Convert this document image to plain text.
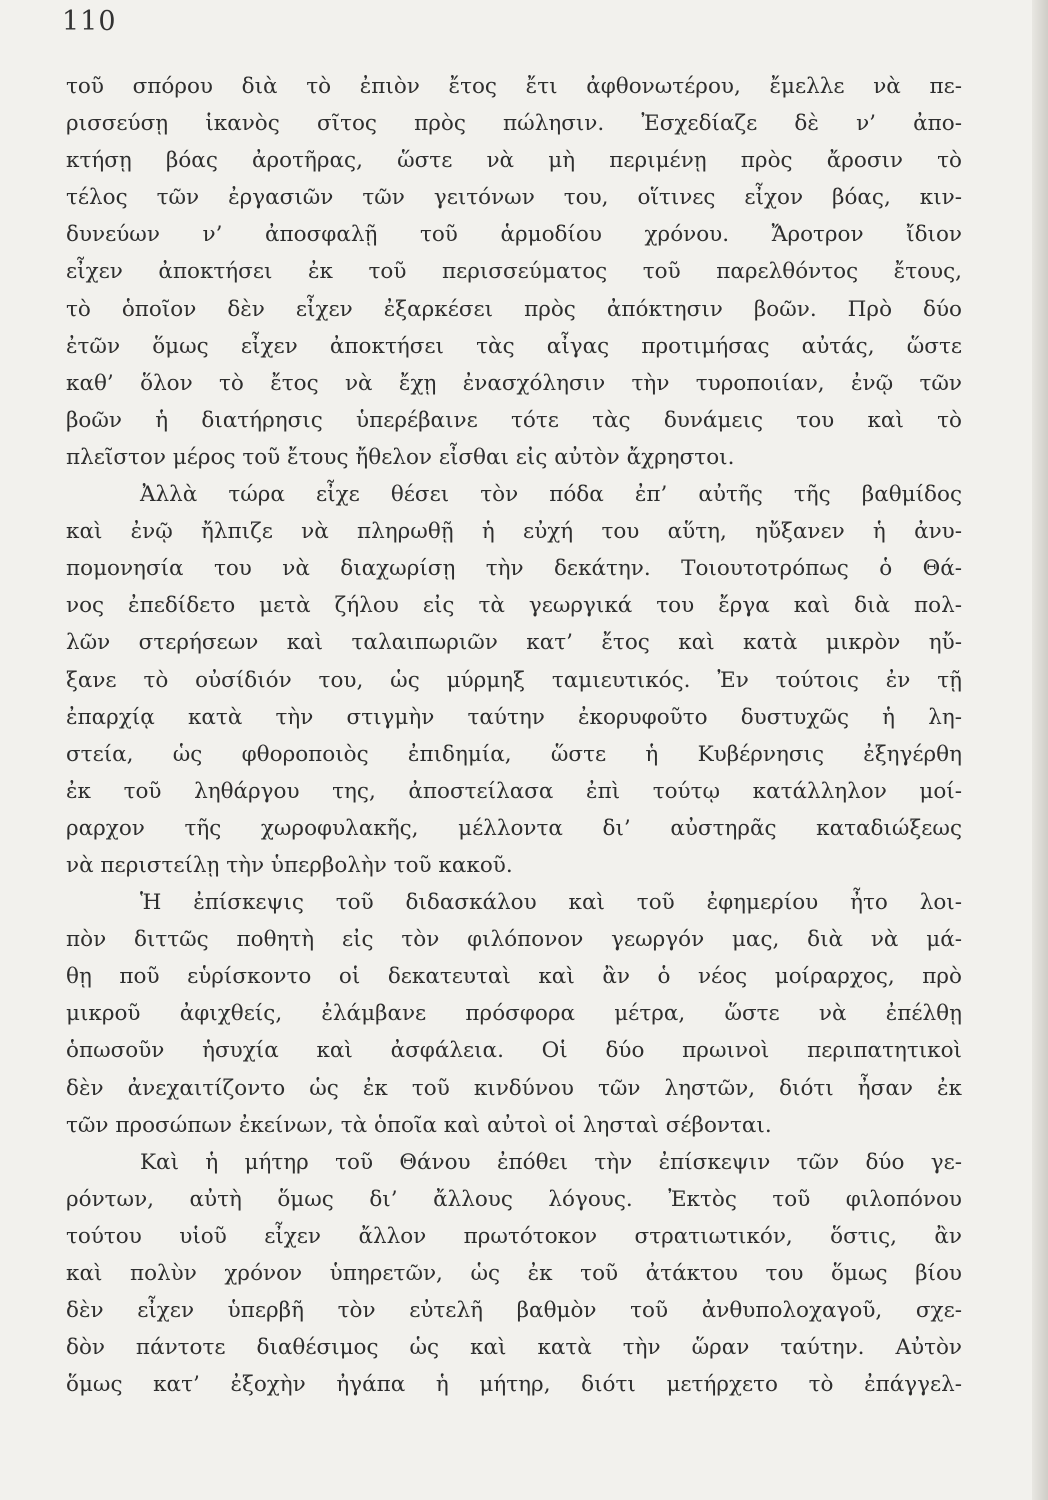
110
τοῦ σπόρου διὰ τὸ ἐπιὸν ἔτος ἔτι ἀφθονωτέρου, ἔμελλε νὰ πε-
ρισσεύσῃ ἱκανὸς σῖτος πρὸς πώλησιν. Ἐσχεδίαζε δὲ ν’ ἀπο-
κτήσῃ βόας ἀροτῆρας, ὥστε νὰ μὴ περιμένῃ πρὸς ἄροσιν τὸ
τέλος τῶν ἐργασιῶν τῶν γειτόνων του, οἵτινες εἶχον βόας, κιν-
δυνεύων ν’ ἀποσφαλῇ τοῦ ἁρμοδίου χρόνου. Ἄροτρον ἴδιον
εἶχεν ἀποκτήσει ἐκ τοῦ περισσεύματος τοῦ παρελθόντος ἔτους,
τὸ ὁποῖον δὲν εἶχεν ἐξαρκέσει πρὸς ἀπόκτησιν βοῶν. Πρὸ δύο
ἐτῶν ὅμως εἶχεν ἀποκτήσει τὰς αἶγας προτιμήσας αὐτάς, ὥστε
καθ’ ὅλον τὸ ἔτος νὰ ἔχῃ ἐνασχόλησιν τὴν τυροποιίαν, ἐνῷ τῶν
βοῶν ἡ διατήρησις ὑπερέβαινε τότε τὰς δυνάμεις του καὶ τὸ
πλεῖστον μέρος τοῦ ἔτους ἤθελον εἶσθαι εἰς αὐτὸν ἄχρηστοι.
Ἀλλὰ τώρα εἶχε θέσει τὸν πόδα ἐπ’ αὐτῆς τῆς βαθμίδος
καὶ ἐνῷ ἤλπιζε νὰ πληρωθῇ ἡ εὐχή του αὕτη, ηὔξανεν ἡ ἀνυ-
πομονησία του νὰ διαχωρίσῃ τὴν δεκάτην. Τοιουτοτρόπως ὁ Θά-
νος ἐπεδίδετο μετὰ ζήλου εἰς τὰ γεωργικά του ἔργα καὶ διὰ πολ-
λῶν στερήσεων καὶ ταλαιπωριῶν κατ’ ἔτος καὶ κατὰ μικρὸν ηὔ-
ξανε τὸ οὐσίδιόν του, ὡς μύρμηξ ταμιευτικός. Ἐν τούτοις ἐν τῇ
ἐπαρχίᾳ κατὰ τὴν στιγμὴν ταύτην ἐκορυφοῦτο δυστυχῶς ἡ λη-
στεία, ὡς φθοροποιὸς ἐπιδημία, ὥστε ἡ Κυβέρνησις ἐξηγέρθη
ἐκ τοῦ ληθάργου της, ἀποστείλασα ἐπὶ τούτῳ κατάλληλον μοί-
ραρχον τῆς χωροφυλακῆς, μέλλοντα δι’ αὐστηρᾶς καταδιώξεως
νὰ περιστείλῃ τὴν ὑπερβολὴν τοῦ κακοῦ.
Ἡ ἐπίσκεψις τοῦ διδασκάλου καὶ τοῦ ἐφημερίου ἦτο λοι-
πὸν διττῶς ποθητὴ εἰς τὸν φιλόπονον γεωργόν μας, διὰ νὰ μά-
θῃ ποῦ εὑρίσκοντο οἱ δεκατευταὶ καὶ ἂν ὁ νέος μοίραρχος, πρὸ
μικροῦ ἀφιχθείς, ἐλάμβανε πρόσφορα μέτρα, ὥστε νὰ ἐπέλθῃ
ὁπωσοῦν ἡσυχία καὶ ἀσφάλεια. Οἱ δύο πρωινοὶ περιπατητικοὶ
δὲν ἀνεχαιτίζοντο ὡς ἐκ τοῦ κινδύνου τῶν ληστῶν, διότι ἦσαν ἐκ
τῶν προσώπων ἐκείνων, τὰ ὁποῖα καὶ αὐτοὶ οἱ λησταὶ σέβονται.
Καὶ ἡ μήτηρ τοῦ Θάνου ἐπόθει τὴν ἐπίσκεψιν τῶν δύο γε-
ρόντων, αὐτὴ ὅμως δι’ ἄλλους λόγους. Ἐκτὸς τοῦ φιλοπόνου
τούτου υἱοῦ εἶχεν ἄλλον πρωτότοκον στρατιωτικόν, ὅστις, ἂν
καὶ πολὺν χρόνον ὑπηρετῶν, ὡς ἐκ τοῦ ἀτάκτου του ὅμως βίου
δὲν εἶχεν ὑπερβῆ τὸν εὐτελῆ βαθμὸν τοῦ ἀνθυπολοχαγοῦ, σχε-
δὸν πάντοτε διαθέσιμος ὡς καὶ κατὰ τὴν ὥραν ταύτην. Αὐτὸν
ὅμως κατ’ ἐξοχὴν ἠγάπα ἡ μήτηρ, διότι μετήρχετο τὸ ἐπάγγελ-
